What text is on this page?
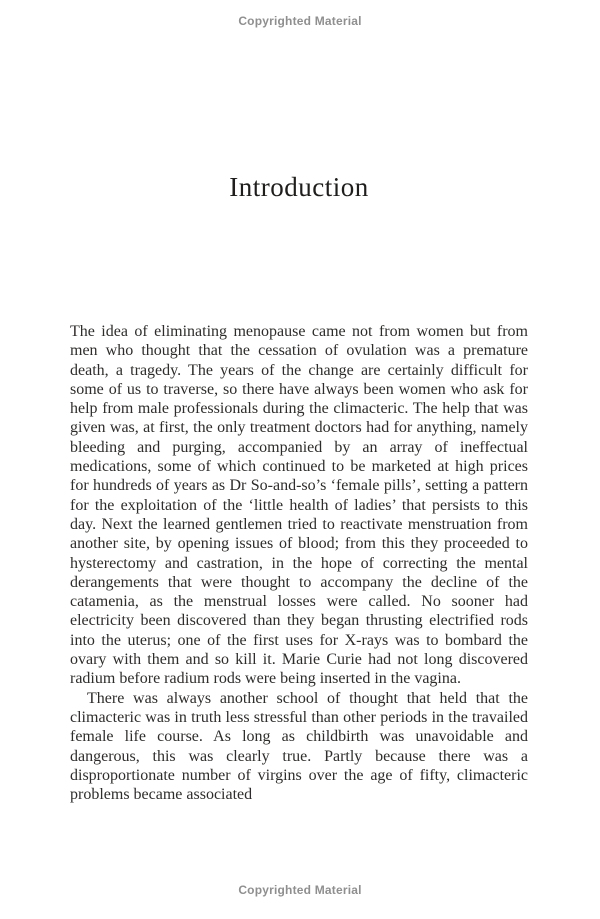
Copyrighted Material
Introduction

The idea of eliminating menopause came not from women but from men who thought that the cessation of ovulation was a premature death, a tragedy. The years of the change are certainly difficult for some of us to traverse, so there have always been women who ask for help from male professionals during the climacteric. The help that was given was, at first, the only treatment doctors had for anything, namely bleeding and purging, accompanied by an array of ineffectual medications, some of which continued to be marketed at high prices for hundreds of years as Dr So-and-so’s ‘female pills’, setting a pattern for the exploitation of the ‘little health of ladies’ that persists to this day. Next the learned gentlemen tried to reactivate menstruation from another site, by opening issues of blood; from this they proceeded to hysterectomy and castration, in the hope of correcting the mental derangements that were thought to accompany the decline of the catamenia, as the menstrual losses were called. No sooner had electricity been discovered than they began thrusting electrified rods into the uterus; one of the first uses for X-rays was to bombard the ovary with them and so kill it. Marie Curie had not long discovered radium before radium rods were being inserted in the vagina.

There was always another school of thought that held that the climacteric was in truth less stressful than other periods in the travailed female life course. As long as childbirth was unavoidable and dangerous, this was clearly true. Partly because there was a disproportionate number of virgins over the age of fifty, climacteric problems became associated

Copyrighted Material
